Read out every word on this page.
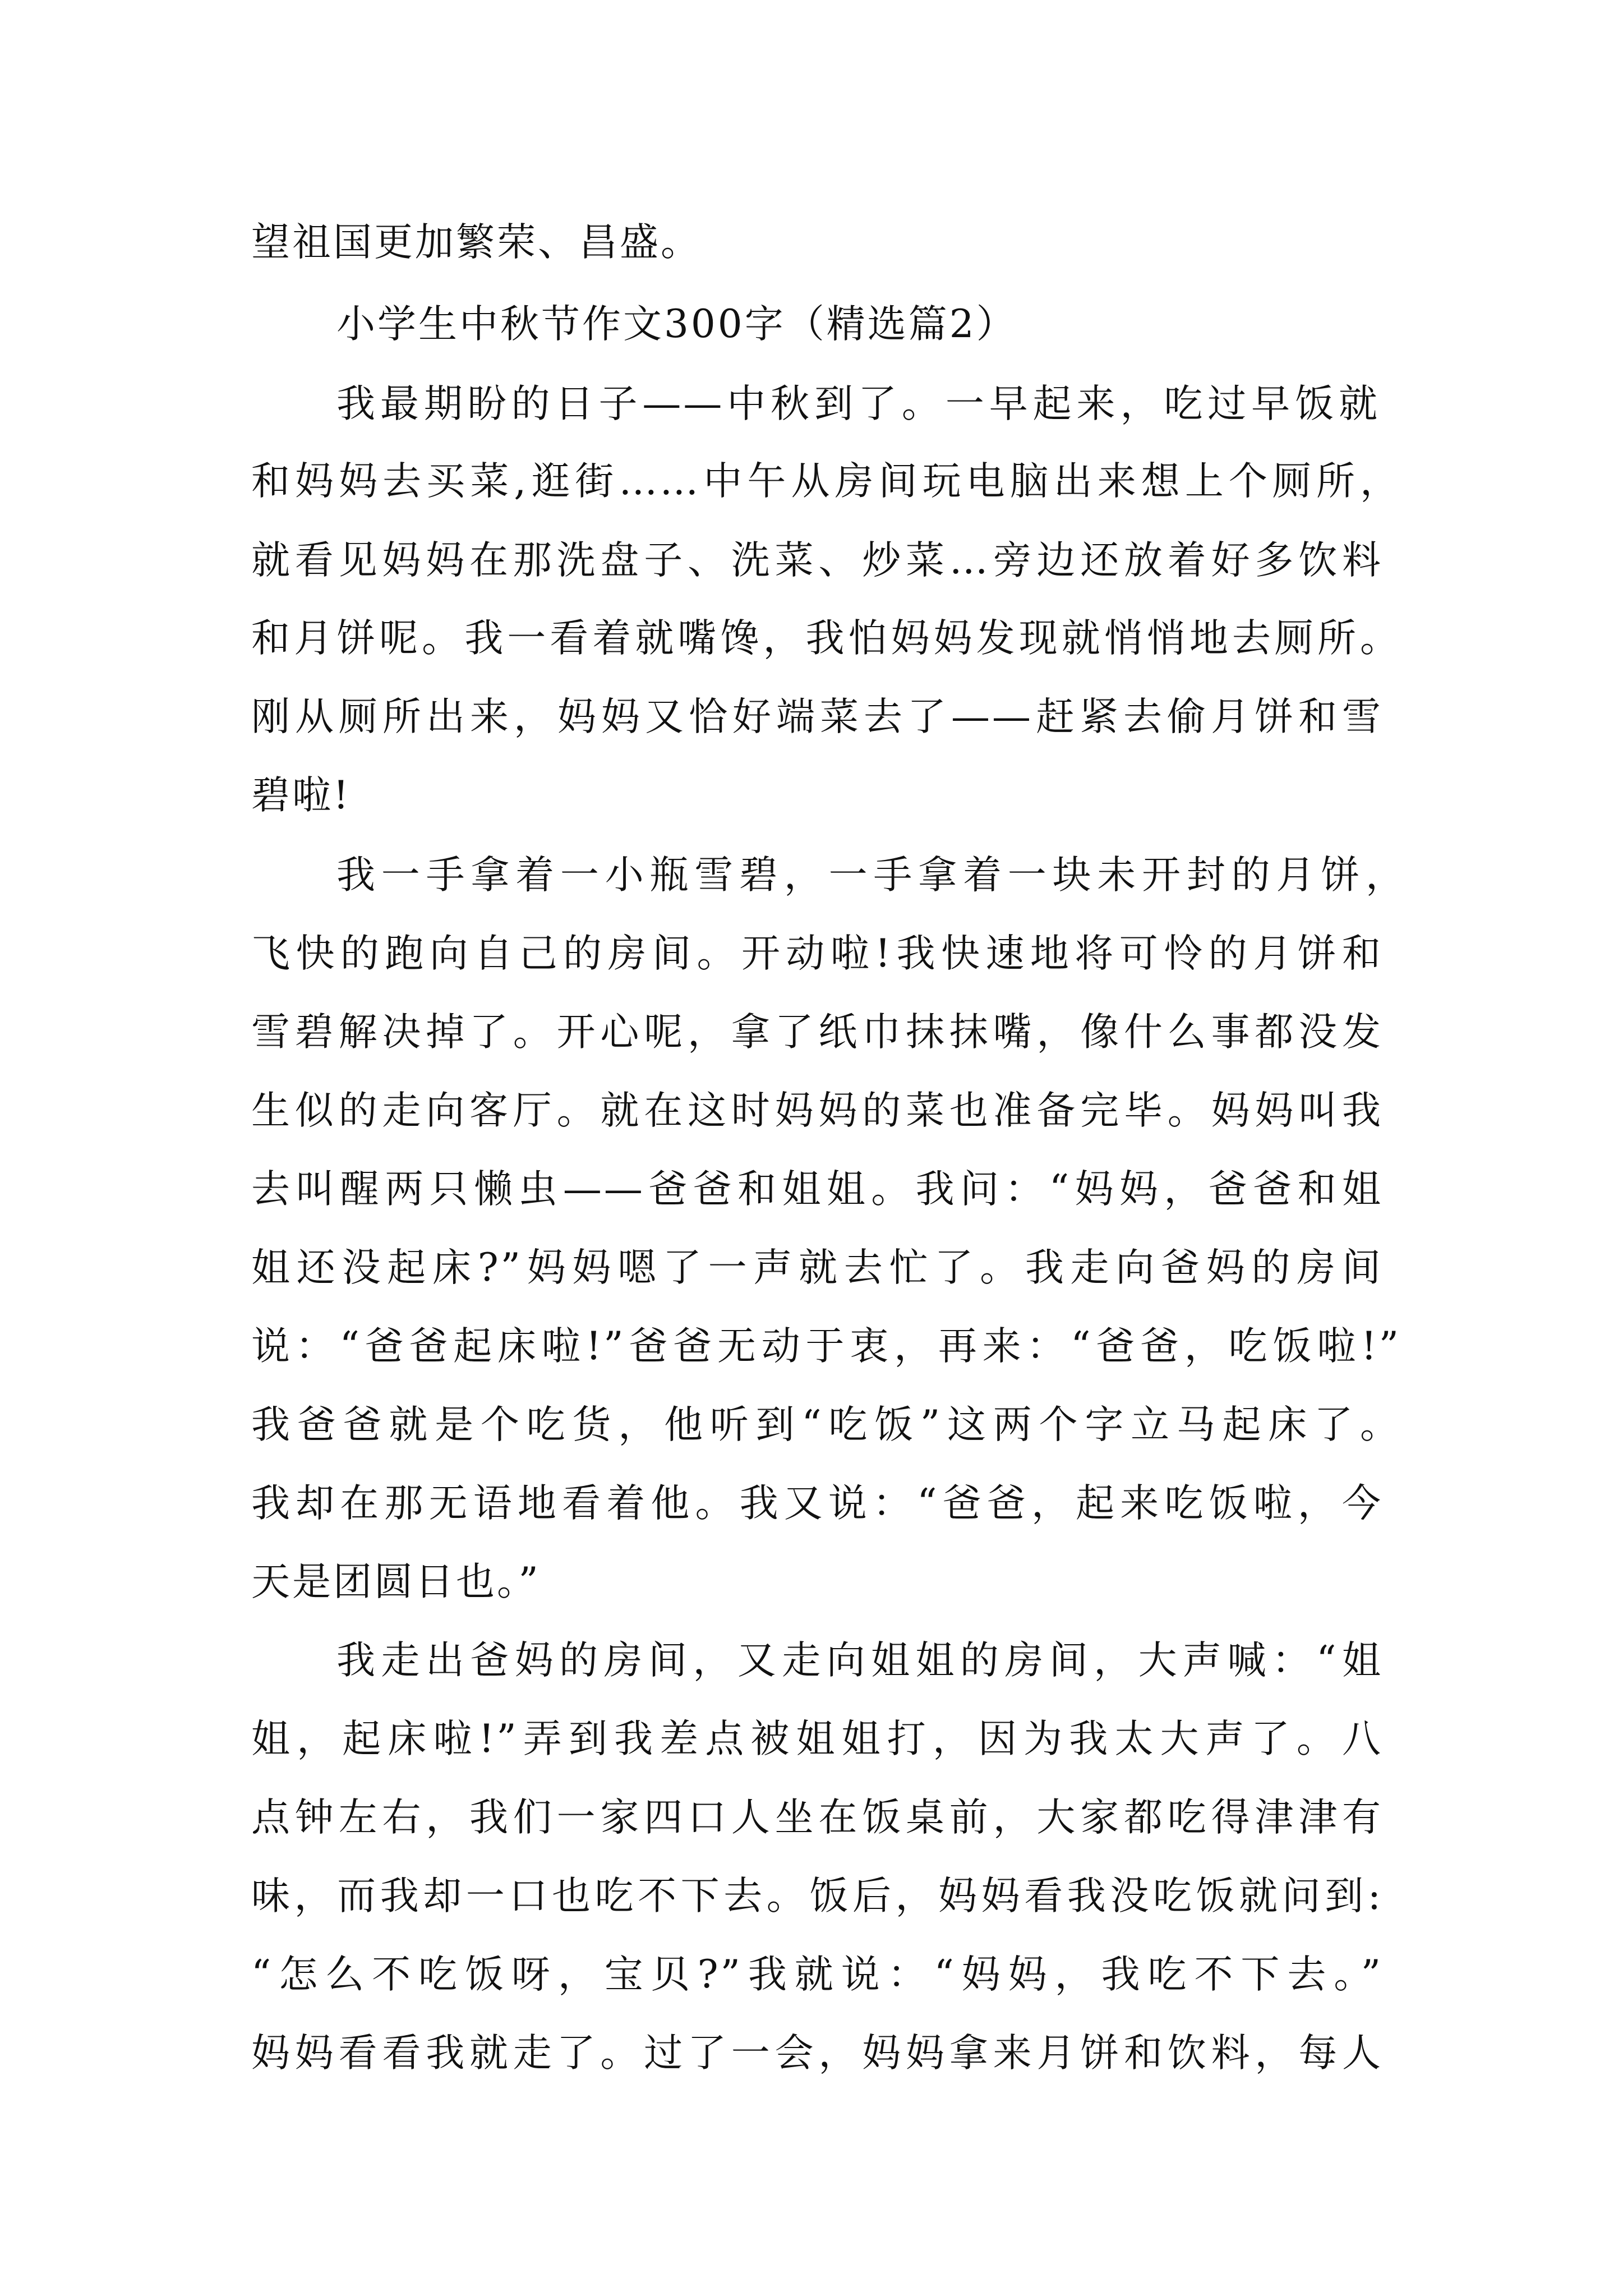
望祖国更加繁荣、昌盛。
小学生中秋节作文300字（精选篇2）
我最期盼的日子——中秋到了。一早起来，吃过早饭就
和妈妈去买菜,逛街……中午从房间玩电脑出来想上个厕所，
就看见妈妈在那洗盘子、洗菜、炒菜…旁边还放着好多饮料
和月饼呢。我一看着就嘴馋，我怕妈妈发现就悄悄地去厕所。
刚从厕所出来，妈妈又恰好端菜去了——赶紧去偷月饼和雪
碧啦!
我一手拿着一小瓶雪碧，一手拿着一块未开封的月饼，
飞快的跑向自己的房间。开动啦!我快速地将可怜的月饼和
雪碧解决掉了。开心呢，拿了纸巾抹抹嘴，像什么事都没发
生似的走向客厅。就在这时妈妈的菜也准备完毕。妈妈叫我
去叫醒两只懒虫——爸爸和姐姐。我问：“妈妈，爸爸和姐
姐还没起床?”妈妈嗯了一声就去忙了。我走向爸妈的房间
说：“爸爸起床啦!”爸爸无动于衷，再来：“爸爸，吃饭啦!”
我爸爸就是个吃货，他听到“吃饭”这两个字立马起床了。
我却在那无语地看着他。我又说：“爸爸，起来吃饭啦，今
天是团圆日也。”
我走出爸妈的房间，又走向姐姐的房间，大声喊：“姐
姐，起床啦!”弄到我差点被姐姐打，因为我太大声了。八
点钟左右，我们一家四口人坐在饭桌前，大家都吃得津津有
味，而我却一口也吃不下去。饭后，妈妈看我没吃饭就问到:
“怎么不吃饭呀，宝贝?”我就说：“妈妈，我吃不下去。”
妈妈看看我就走了。过了一会，妈妈拿来月饼和饮料，每人
